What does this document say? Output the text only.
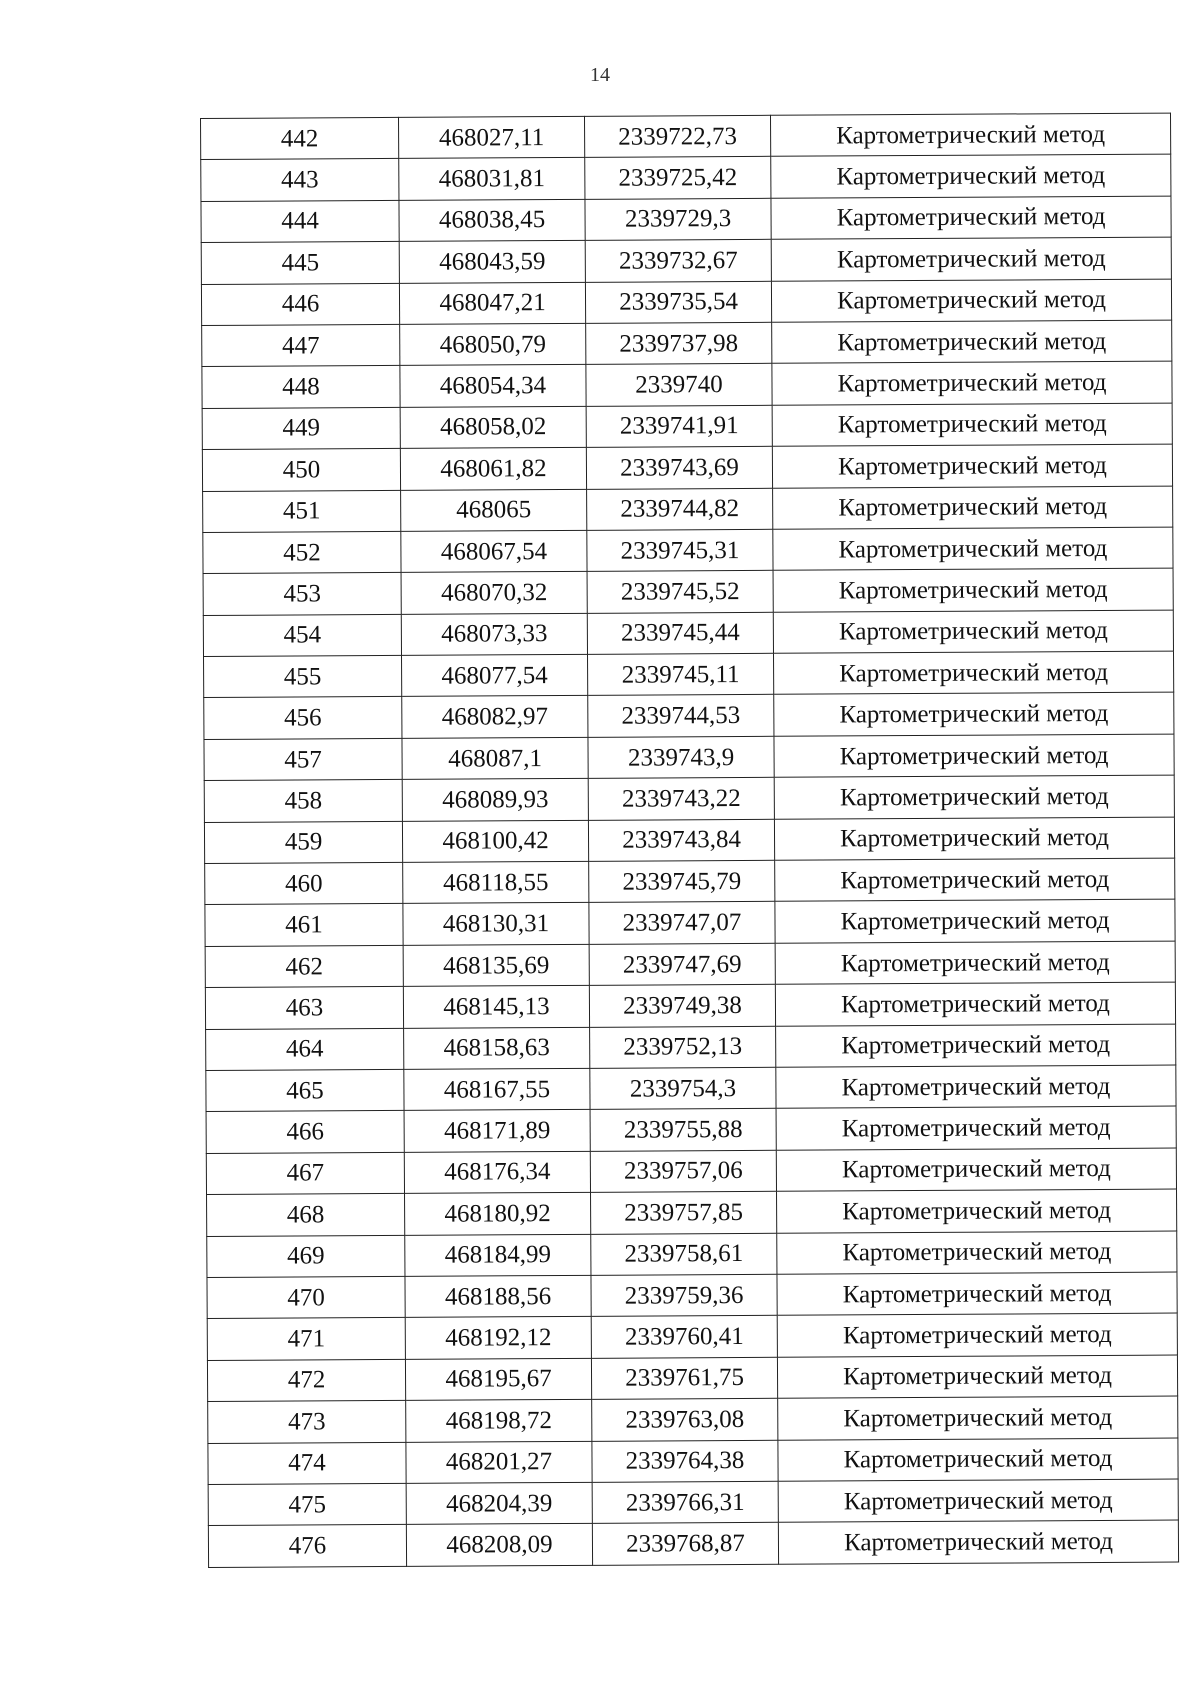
14
442	468027,11	2339722,73	Картометрический метод
443	468031,81	2339725,42	Картометрический метод
444	468038,45	2339729,3	Картометрический метод
445	468043,59	2339732,67	Картометрический метод
446	468047,21	2339735,54	Картометрический метод
447	468050,79	2339737,98	Картометрический метод
448	468054,34	2339740	Картометрический метод
449	468058,02	2339741,91	Картометрический метод
450	468061,82	2339743,69	Картометрический метод
451	468065	2339744,82	Картометрический метод
452	468067,54	2339745,31	Картометрический метод
453	468070,32	2339745,52	Картометрический метод
454	468073,33	2339745,44	Картометрический метод
455	468077,54	2339745,11	Картометрический метод
456	468082,97	2339744,53	Картометрический метод
457	468087,1	2339743,9	Картометрический метод
458	468089,93	2339743,22	Картометрический метод
459	468100,42	2339743,84	Картометрический метод
460	468118,55	2339745,79	Картометрический метод
461	468130,31	2339747,07	Картометрический метод
462	468135,69	2339747,69	Картометрический метод
463	468145,13	2339749,38	Картометрический метод
464	468158,63	2339752,13	Картометрический метод
465	468167,55	2339754,3	Картометрический метод
466	468171,89	2339755,88	Картометрический метод
467	468176,34	2339757,06	Картометрический метод
468	468180,92	2339757,85	Картометрический метод
469	468184,99	2339758,61	Картометрический метод
470	468188,56	2339759,36	Картометрический метод
471	468192,12	2339760,41	Картометрический метод
472	468195,67	2339761,75	Картометрический метод
473	468198,72	2339763,08	Картометрический метод
474	468201,27	2339764,38	Картометрический метод
475	468204,39	2339766,31	Картометрический метод
476	468208,09	2339768,87	Картометрический метод
